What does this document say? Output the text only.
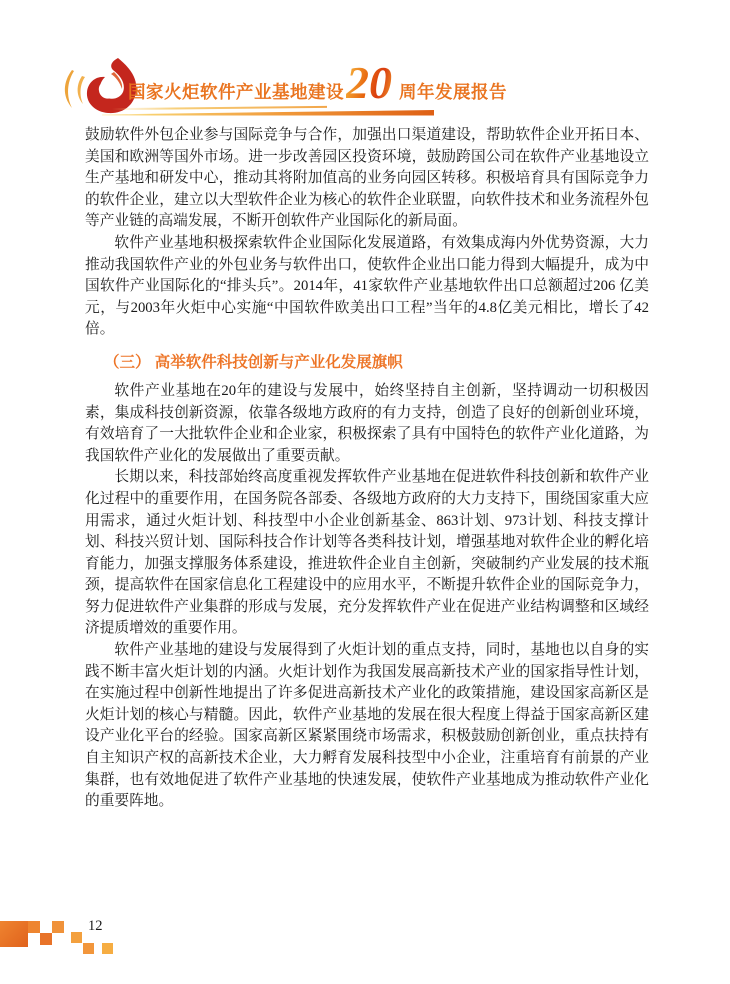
国家火炬软件产业基地建设 20 周年发展报告

鼓励软件外包企业参与国际竞争与合作，加强出口渠道建设，帮助软件企业开拓日本、美国和欧洲等国外市场。进一步改善园区投资环境，鼓励跨国公司在软件产业基地设立生产基地和研发中心，推动其将附加值高的业务向园区转移。积极培育具有国际竞争力的软件企业，建立以大型软件企业为核心的软件企业联盟，向软件技术和业务流程外包等产业链的高端发展，不断开创软件产业国际化的新局面。

软件产业基地积极探索软件企业国际化发展道路，有效集成海内外优势资源，大力推动我国软件产业的外包业务与软件出口，使软件企业出口能力得到大幅提升，成为中国软件产业国际化的“排头兵”。2014年，41家软件产业基地软件出口总额超过206 亿美元，与2003年火炬中心实施“中国软件欧美出口工程”当年的4.8亿美元相比，增长了42倍。

（三） 高举软件科技创新与产业化发展旗帜

软件产业基地在20年的建设与发展中，始终坚持自主创新，坚持调动一切积极因素，集成科技创新资源，依靠各级地方政府的有力支持，创造了良好的创新创业环境，有效培育了一大批软件企业和企业家，积极探索了具有中国特色的软件产业化道路，为我国软件产业化的发展做出了重要贡献。

长期以来，科技部始终高度重视发挥软件产业基地在促进软件科技创新和软件产业化过程中的重要作用，在国务院各部委、各级地方政府的大力支持下，围绕国家重大应用需求，通过火炬计划、科技型中小企业创新基金、863计划、973计划、科技支撑计划、科技兴贸计划、国际科技合作计划等各类科技计划，增强基地对软件企业的孵化培育能力，加强支撑服务体系建设，推进软件企业自主创新，突破制约产业发展的技术瓶颈，提高软件在国家信息化工程建设中的应用水平，不断提升软件企业的国际竞争力，努力促进软件产业集群的形成与发展，充分发挥软件产业在促进产业结构调整和区域经济提质增效的重要作用。

软件产业基地的建设与发展得到了火炬计划的重点支持，同时，基地也以自身的实践不断丰富火炬计划的内涵。火炬计划作为我国发展高新技术产业的国家指导性计划，在实施过程中创新性地提出了许多促进高新技术产业化的政策措施，建设国家高新区是火炬计划的核心与精髓。因此，软件产业基地的发展在很大程度上得益于国家高新区建设产业化平台的经验。国家高新区紧紧围绕市场需求，积极鼓励创新创业，重点扶持有自主知识产权的高新技术企业，大力孵育发展科技型中小企业，注重培育有前景的产业集群，也有效地促进了软件产业基地的快速发展，使软件产业基地成为推动软件产业化的重要阵地。

12
